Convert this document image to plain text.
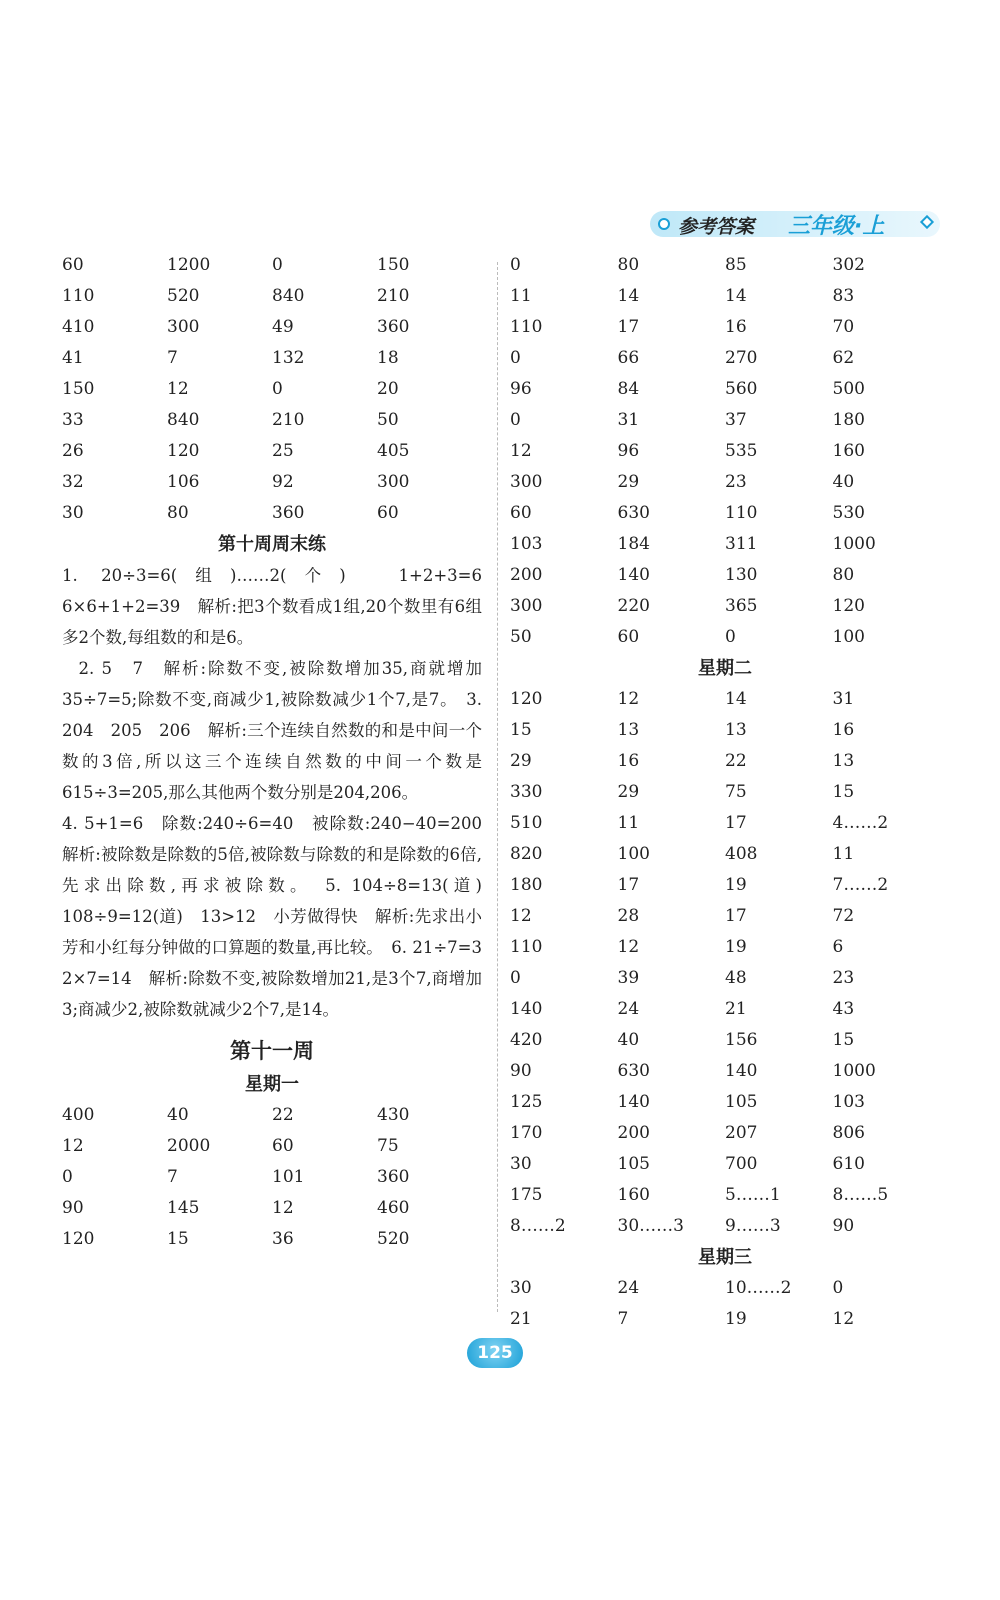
参考答案 三年级·上
60	1200	0	150
110	520	840	210
410	300	49	360
41	7	132	18
150	12	0	20
33	840	210	50
26	120	25	405
32	106	92	300
30	80	360	60
第十周周末练

1. 20÷3=6(组)……2(个)　1+2+3=6　6×6+1+2=39　解析:把3个数看成1组,20个数里有6组多2个数,每组数的和是6。

2. 5　7　解析:除数不变,被除数增加35,商就增加35÷7=5;除数不变,商减少1,被除数减少1个7,是7。　3. 204　205　206　解析:三个连续自然数的和是中间一个数的3倍,所以这三个连续自然数的中间一个数是615÷3=205,那么其他两个数分别是204,206。

4. 5+1=6　除数:240÷6=40　被除数:240−40=200　解析:被除数是除数的5倍,被除数与除数的和是除数的6倍,先求出除数,再求被除数。　5. 104÷8=13(道)　108÷9=12(道)　13>12　小芳做得快　解析:先求出小芳和小红每分钟做的口算题的数量,再比较。　6. 21÷7=3　2×7=14　解析:除数不变,被除数增加21,是3个7,商增加3;商减少2,被除数就减少2个7,是14。

第十一周
星期一
400	40	22	430
12	2000	60	75
0	7	101	360
90	145	12	460
120	15	36	520
0	80	85	302
11	14	14	83
110	17	16	70
0	66	270	62
96	84	560	500
0	31	37	180
12	96	535	160
300	29	23	40
60	630	110	530
103	184	311	1000
200	140	130	80
300	220	365	120
50	60	0	100
星期二
120	12	14	31
15	13	13	16
29	16	22	13
330	29	75	15
510	11	17	4……2
820	100	408	11
180	17	19	7……2
12	28	17	72
110	12	19	6
0	39	48	23
140	24	21	43
420	40	156	15
90	630	140	1000
125	140	105	103
170	200	207	806
30	105	700	610
175	160	5……1	8……5
8……2	30……3	9……3	90
星期三
30	24	10……2	0
21	7	19	12
125
